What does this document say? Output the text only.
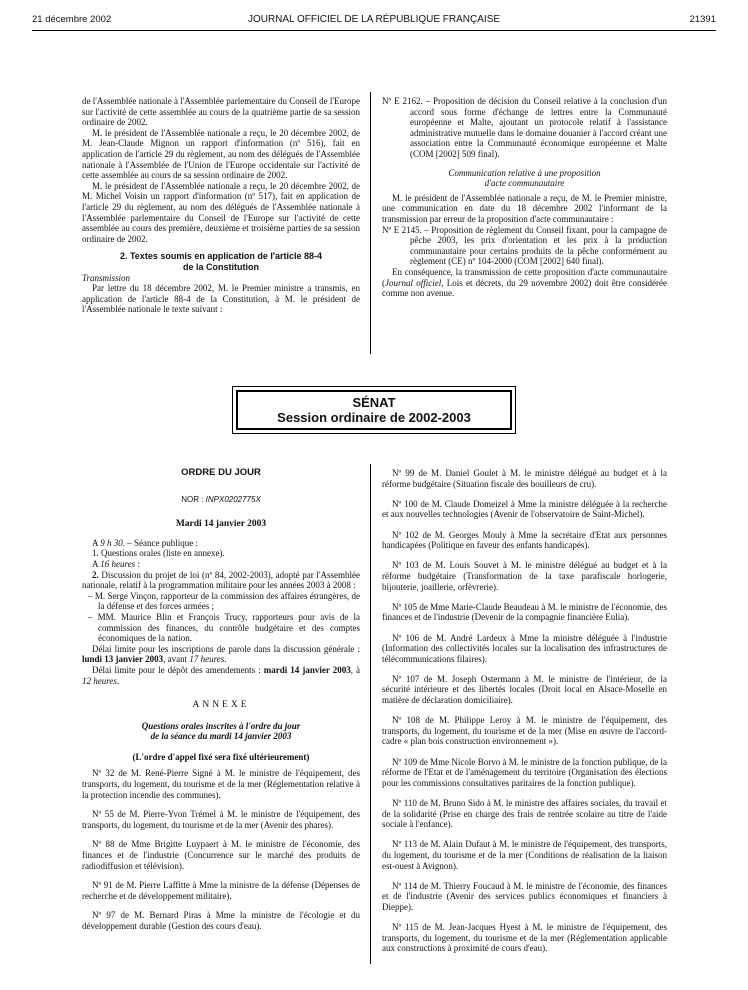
21 décembre 2002	JOURNAL OFFICIEL DE LA RÉPUBLIQUE FRANÇAISE	21391

de l'Assemblée nationale à l'Assemblée parlementaire du Conseil de l'Europe sur l'activité de cette assemblée au cours de la quatrième partie de sa session ordinaire de 2002.

M. le président de l'Assemblée nationale a reçu, le 20 décembre 2002, de M. Jean-Claude Mignon un rapport d'information (nº 516), fait en application de l'article 29 du règlement, au nom des délégués de l'Assemblée nationale à l'Assemblée de l'Union de l'Europe occidentale sur l'activité de cette assemblée au cours de sa session ordinaire de 2002.

M. le président de l'Assemblée nationale a reçu, le 20 décembre 2002, de M. Michel Voisin un rapport d'information (nº 517), fait en application de l'article 29 du règlement, au nom des délégués de l'Assemblée nationale à l'Assemblée parlementaire du Conseil de l'Europe sur l'activité de cette assemblée au cours des première, deuxième et troisième parties de sa session ordinaire de 2002.

2. Textes soumis en application de l'article 88-4
de la Constitution

Transmission

Par lettre du 18 décembre 2002, M. le Premier ministre a transmis, en application de l'article 88-4 de la Constitution, à M. le président de l'Assemblée nationale le texte suivant :

Nº E 2162. – Proposition de décision du Conseil relative à la conclusion d'un accord sous forme d'échange de lettres entre la Communauté européenne et Malte, ajoutant un protocole relatif à l'assistance administrative mutuelle dans le domaine douanier à l'accord créant une association entre la Communauté économique européenne et Malte (COM [2002] 509 final).

Communication relative à une proposition
d'acte communautaire

M. le président de l'Assemblée nationale a reçu, de M. le Premier ministre, une communication en date du 18 décembre 2002 l'informant de la transmission par erreur de la proposition d'acte communautaire :

Nº E 2145. – Proposition de règlement du Conseil fixant, pour la campagne de pêche 2003, les prix d'orientation et les prix à la production communautaire pour certains produits de la pêche conformément au règlement (CE) nº 104-2000 (COM [2002] 640 final).

En conséquence, la transmission de cette proposition d'acte communautaire (Journal officiel, Lois et décrets, du 29 novembre 2002) doit être considérée comme non avenue.

SÉNAT
Session ordinaire de 2002-2003
ORDRE DU JOUR
NOR : INPX0202775X
Mardi 14 janvier 2003

A 9 h 30. – Séance publique :

1. Questions orales (liste en annexe).

A 16 heures :

2. Discussion du projet de loi (nº 84, 2002-2003), adopté par l'Assemblée nationale, relatif à la programmation militaire pour les années 2003 à 2008 :

– M. Serge Vinçon, rapporteur de la commission des affaires étrangères, de la défense et des forces armées ;

– MM. Maurice Blin et François Trucy, rapporteurs pour avis de la commission des finances, du contrôle budgétaire et des comptes économiques de la nation.

Délai limite pour les inscriptions de parole dans la discussion générale : lundi 13 janvier 2003, avant 17 heures.

Délai limite pour le dépôt des amendements : mardi 14 janvier 2003, à 12 heures.

ANNEXE
Questions orales inscrites à l'ordre du jour
de la séance du mardi 14 janvier 2003
(L'ordre d'appel fixé sera fixé ultérieurement)

Nº 32 de M. René-Pierre Signé à M. le ministre de l'équipement, des transports, du logement, du tourisme et de la mer (Réglementation relative à la protection incendie des communes).

Nº 55 de M. Pierre-Yvon Trémel à M. le ministre de l'équipement, des transports, du logement, du tourisme et de la mer (Avenir des phares).

Nº 88 de Mme Brigitte Luypaert à M. le ministre de l'économie, des finances et de l'industrie (Concurrence sur le marché des produits de radiodiffusion et télévision).

Nº 91 de M. Pierre Laffitte à Mme la ministre de la défense (Dépenses de recherche et de développement militaire).

Nº 97 de M. Bernard Piras à Mme la ministre de l'écologie et du développement durable (Gestion des cours d'eau).

Nº 99 de M. Daniel Goulet à M. le ministre délégué au budget et à la réforme budgétaire (Situation fiscale des bouilleurs de cru).

Nº 100 de M. Claude Domeizel à Mme la ministre déléguée à la recherche et aux nouvelles technologies (Avenir de l'observatoire de Saint-Michel).

Nº 102 de M. Georges Mouly à Mme la secrétaire d'Etat aux personnes handicapées (Politique en faveur des enfants handicapés).

Nº 103 de M. Louis Souvet à M. le ministre délégué au budget et à la réforme budgétaire (Transformation de la taxe parafiscale horlogerie, bijouterie, joaillerie, orfèvrerie).

Nº 105 de Mme Marie-Claude Beaudeau à M. le ministre de l'économie, des finances et de l'industrie (Devenir de la compagnie financière Eulia).

Nº 106 de M. André Lardeux à Mme la ministre déléguée à l'industrie (Information des collectivités locales sur la localisation des infrastructures de télécommunications filaires).

Nº 107 de M. Joseph Ostermann à M. le ministre de l'intérieur, de la sécurité intérieure et des libertés locales (Droit local en Alsace-Moselle en matière de déclaration domiciliaire).

Nº 108 de M. Philippe Leroy à M. le ministre de l'équipement, des transports, du logement, du tourisme et de la mer (Mise en œuvre de l'accord-cadre « plan bois construction environnement »).

Nº 109 de Mme Nicole Borvo à M. le ministre de la fonction publique, de la réforme de l'Etat et de l'aménagement du territoire (Organisation des élections pour les commissions consultatives paritaires de la fonction publique).

Nº 110 de M. Bruno Sido à M. le ministre des affaires sociales, du travail et de la solidarité (Prise en charge des frais de rentrée scolaire au titre de l'aide sociale à l'enfance).

Nº 113 de M. Alain Dufaut à M. le ministre de l'équipement, des transports, du logement, du tourisme et de la mer (Conditions de réalisation de la liaison est-ouest à Avignon).

Nº 114 de M. Thierry Foucaud à M. le ministre de l'économie, des finances et de l'industrie (Avenir des services publics économiques et financiers à Dieppe).

Nº 115 de M. Jean-Jacques Hyest à M. le ministre de l'équipement, des transports, du logement, du tourisme et de la mer (Réglementation applicable aux constructions à proximité de cours d'eau).
